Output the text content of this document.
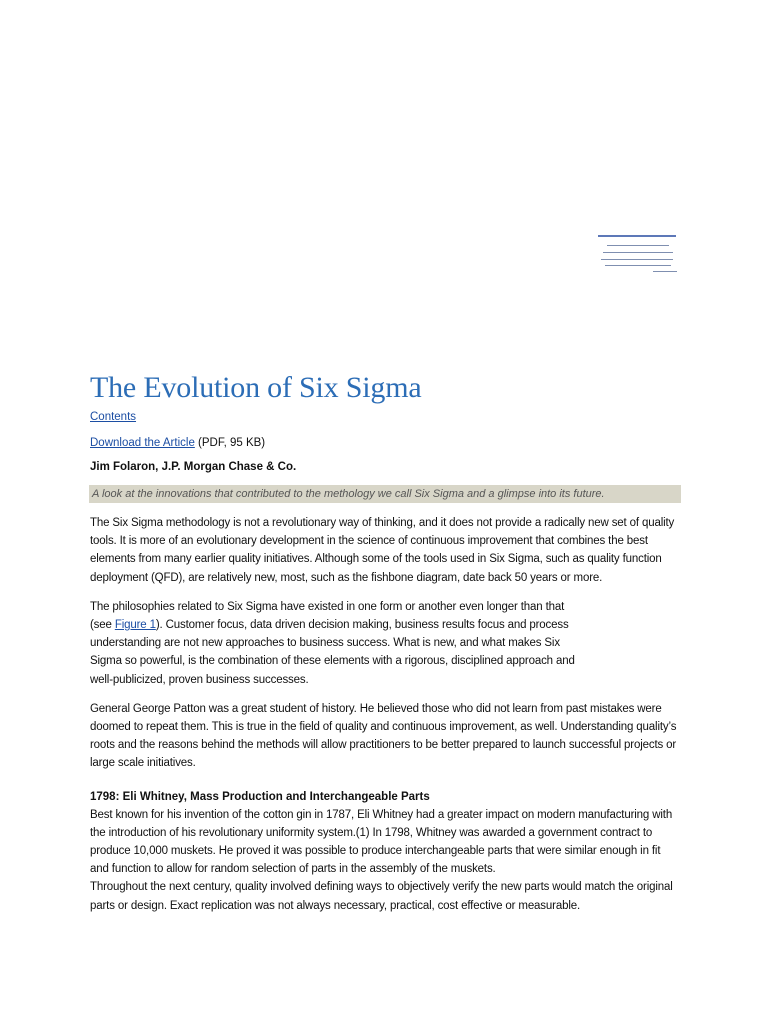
The Evolution of Six Sigma
Contents
Download the Article (PDF, 95 KB)
Jim Folaron, J.P. Morgan Chase & Co.
A look at the innovations that contributed to the methology we call Six Sigma and a glimpse into its future.

The Six Sigma methodology is not a revolutionary way of thinking, and it does not provide a radically new set of quality tools. It is more of an evolutionary development in the science of continuous improvement that combines the best elements from many earlier quality initiatives. Although some of the tools used in Six Sigma, such as quality function deployment (QFD), are relatively new, most, such as the fishbone diagram, date back 50 years or more.

The philosophies related to Six Sigma have existed in one form or another even longer than that (see Figure 1). Customer focus, data driven decision making, business results focus and process understanding are not new approaches to business success. What is new, and what makes Six Sigma so powerful, is the combination of these elements with a rigorous, disciplined approach and well-publicized, proven business successes.

General George Patton was a great student of history. He believed those who did not learn from past mistakes were doomed to repeat them. This is true in the field of quality and continuous improvement, as well. Understanding quality’s roots and the reasons behind the methods will allow practitioners to be better prepared to launch successful projects or large scale initiatives.

1798: Eli Whitney, Mass Production and Interchangeable Parts

Best known for his invention of the cotton gin in 1787, Eli Whitney had a greater impact on modern manufacturing with the introduction of his revolutionary uniformity system.(1) In 1798, Whitney was awarded a government contract to produce 10,000 muskets. He proved it was possible to produce interchangeable parts that were similar enough in fit and function to allow for random selection of parts in the assembly of the muskets.

Throughout the next century, quality involved defining ways to objectively verify the new parts would match the original parts or design. Exact replication was not always necessary, practical, cost effective or measurable.
